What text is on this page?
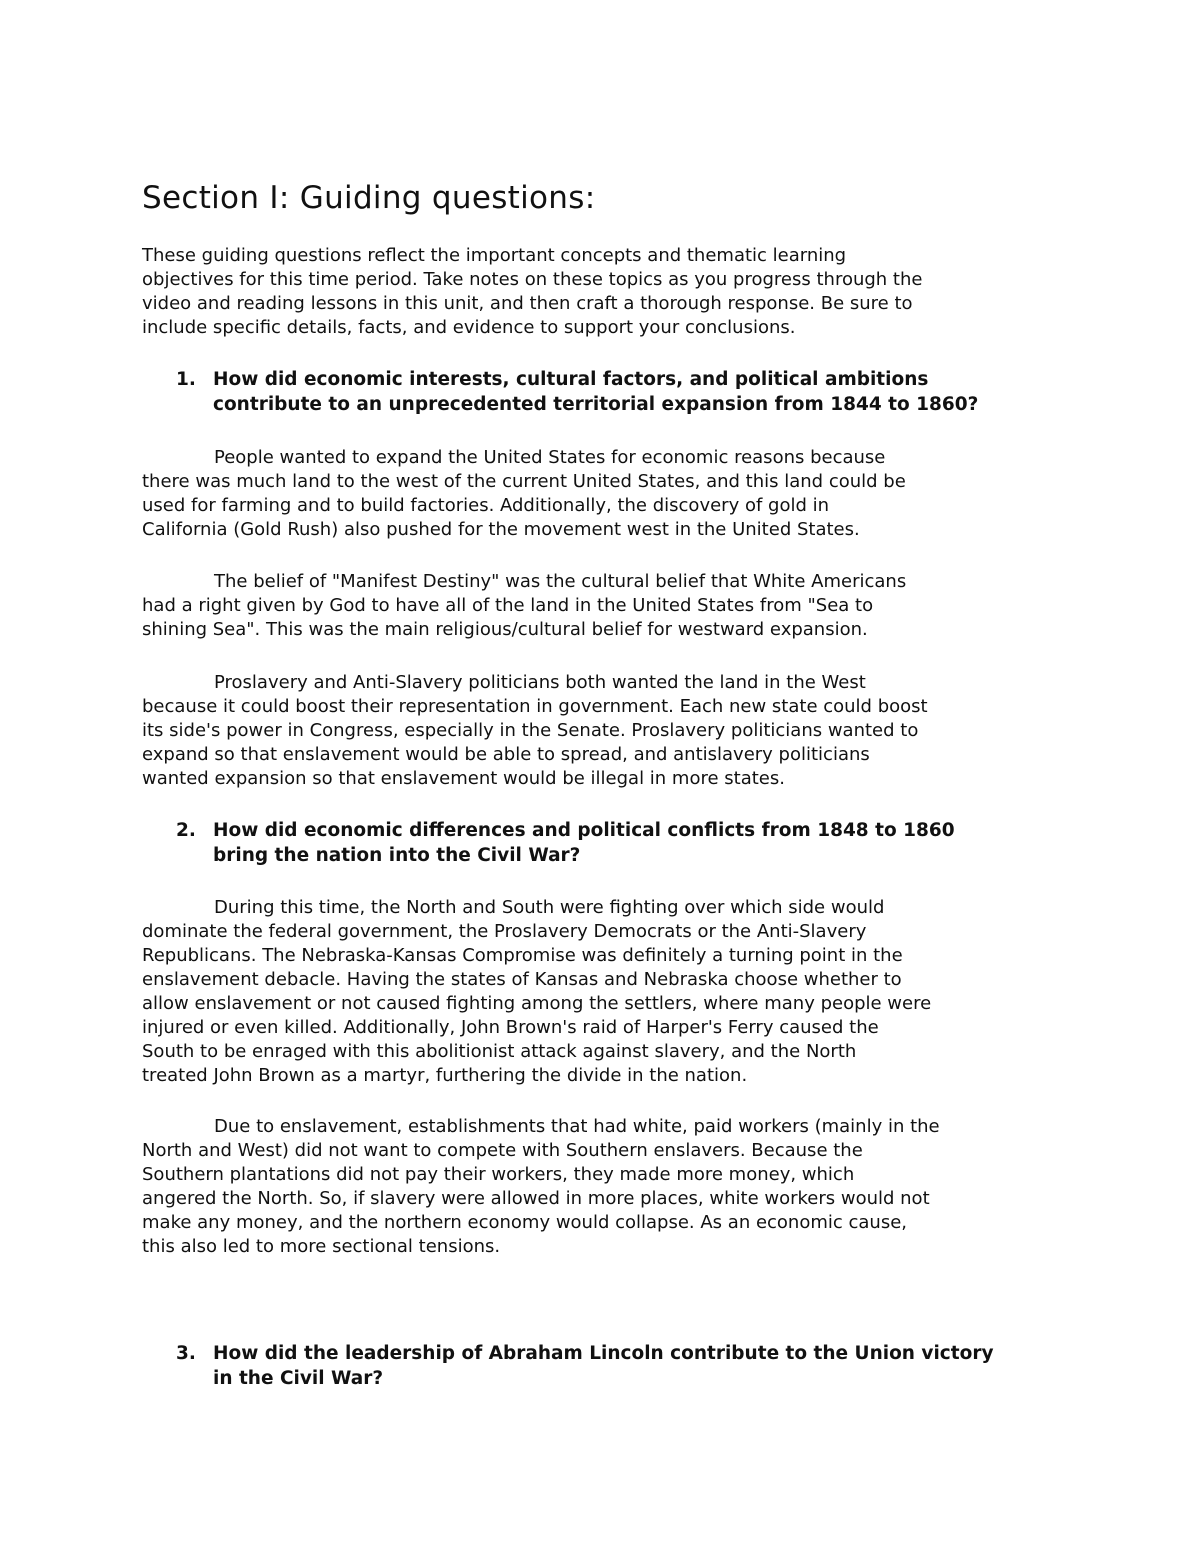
Section I: Guiding questions:

These guiding questions reflect the important concepts and thematic learning
objectives for this time period. Take notes on these topics as you progress through the
video and reading lessons in this unit, and then craft a thorough response. Be sure to
include specific details, facts, and evidence to support your conclusions.

1. How did economic interests, cultural factors, and political ambitions
contribute to an unprecedented territorial expansion from 1844 to 1860?

People wanted to expand the United States for economic reasons because
there was much land to the west of the current United States, and this land could be
used for farming and to build factories. Additionally, the discovery of gold in
California (Gold Rush) also pushed for the movement west in the United States.

The belief of "Manifest Destiny" was the cultural belief that White Americans
had a right given by God to have all of the land in the United States from "Sea to
shining Sea". This was the main religious/cultural belief for westward expansion.

Proslavery and Anti-Slavery politicians both wanted the land in the West
because it could boost their representation in government. Each new state could boost
its side's power in Congress, especially in the Senate. Proslavery politicians wanted to
expand so that enslavement would be able to spread, and antislavery politicians
wanted expansion so that enslavement would be illegal in more states.

2. How did economic differences and political conflicts from 1848 to 1860
bring the nation into the Civil War?

During this time, the North and South were fighting over which side would
dominate the federal government, the Proslavery Democrats or the Anti-Slavery
Republicans. The Nebraska-Kansas Compromise was definitely a turning point in the
enslavement debacle. Having the states of Kansas and Nebraska choose whether to
allow enslavement or not caused fighting among the settlers, where many people were
injured or even killed. Additionally, John Brown's raid of Harper's Ferry caused the
South to be enraged with this abolitionist attack against slavery, and the North
treated John Brown as a martyr, furthering the divide in the nation.

Due to enslavement, establishments that had white, paid workers (mainly in the
North and West) did not want to compete with Southern enslavers. Because the
Southern plantations did not pay their workers, they made more money, which
angered the North. So, if slavery were allowed in more places, white workers would not
make any money, and the northern economy would collapse. As an economic cause,
this also led to more sectional tensions.

3. How did the leadership of Abraham Lincoln contribute to the Union victory
in the Civil War?
